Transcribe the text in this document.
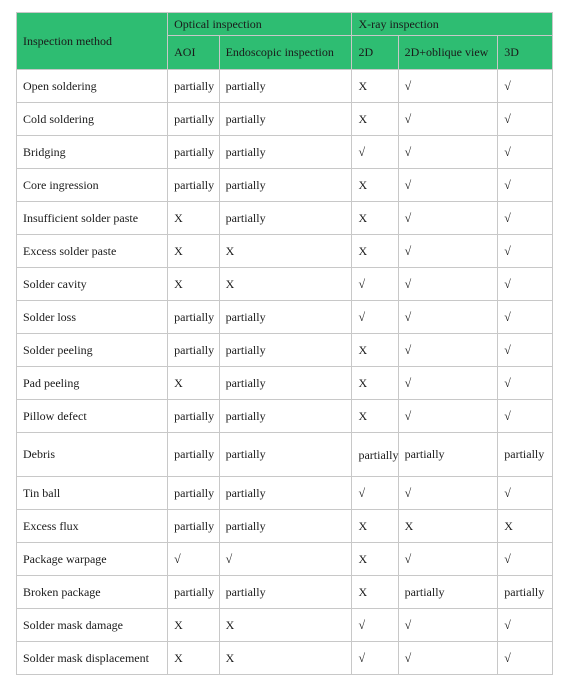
Inspection method	Optical inspection		X-ray inspection		
	AOI	Endoscopic inspection	2D	2D+oblique view	3D
Open soldering	partially	partially	X	√	√
Cold soldering	partially	partially	X	√	√
Bridging	partially	partially	√	√	√
Core ingression	partially	partially	X	√	√
Insufficient solder paste	X	partially	X	√	√
Excess solder paste	X	X	X	√	√
Solder cavity	X	X	√	√	√
Solder loss	partially	partially	√	√	√
Solder peeling	partially	partially	X	√	√
Pad peeling	X	partially	X	√	√
Pillow defect	partially	partially	X	√	√
Debris	partially	partially	partially	partially	partially
Tin ball	partially	partially	√	√	√
Excess flux	partially	partially	X	X	X
Package warpage	√	√	X	√	√
Broken package	partially	partially	X	partially	partially
Solder mask damage	X	X	√	√	√
Solder mask displacement	X	X	√	√	√
